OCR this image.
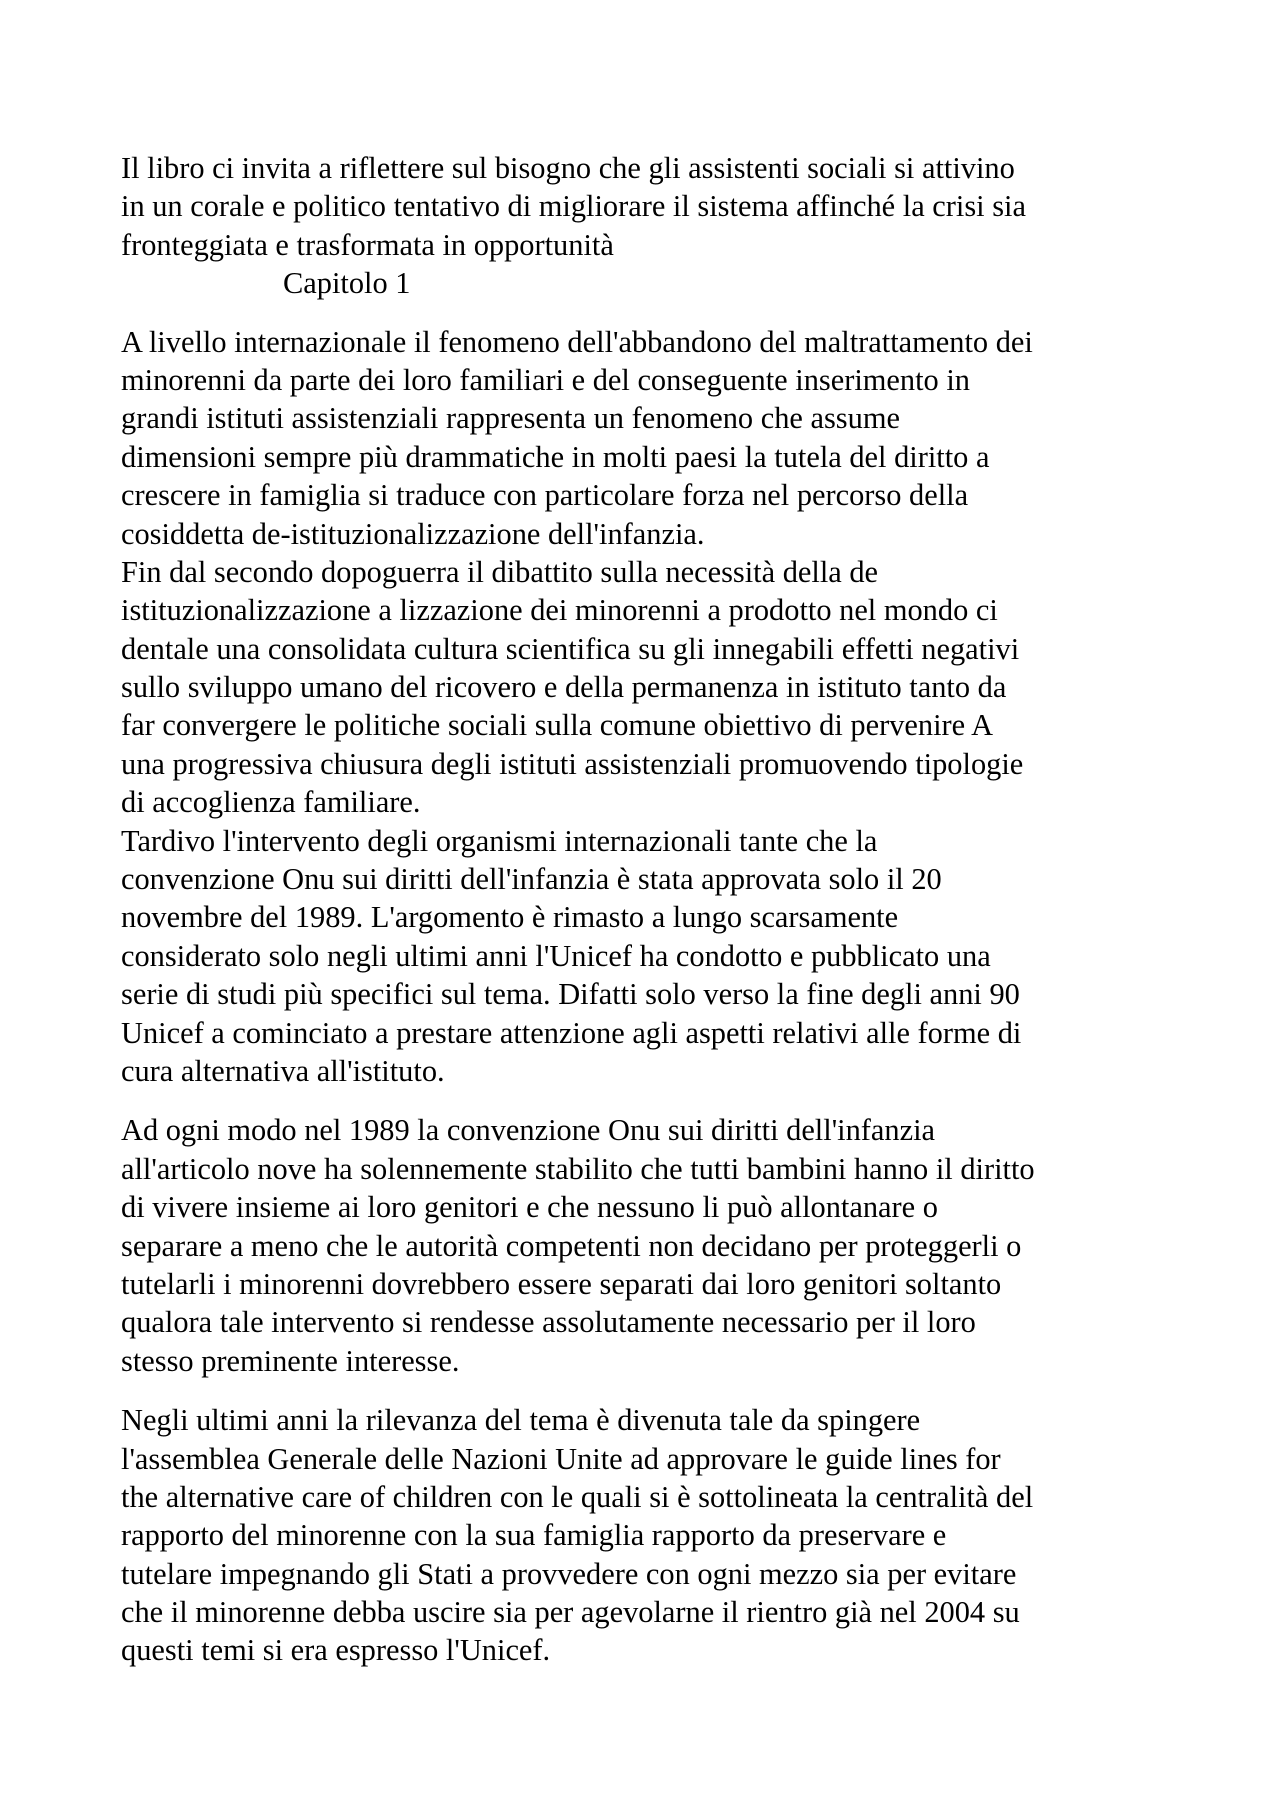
Il libro ci invita a riflettere sul bisogno che gli assistenti sociali si attivino
in un corale e politico tentativo di migliorare il sistema affinché la crisi sia
fronteggiata e trasformata in opportunità
Capitolo 1
A livello internazionale il fenomeno dell'abbandono del maltrattamento dei
minorenni da parte dei loro familiari e del conseguente inserimento in
grandi istituti assistenziali rappresenta un fenomeno che assume
dimensioni sempre più drammatiche in molti paesi la tutela del diritto a
crescere in famiglia si traduce con particolare forza nel percorso della
cosiddetta de-istituzionalizzazione dell'infanzia.
Fin dal secondo dopoguerra il dibattito sulla necessità della de
istituzionalizzazione a lizzazione dei minorenni a prodotto nel mondo ci
dentale una consolidata cultura scientifica su gli innegabili effetti negativi
sullo sviluppo umano del ricovero e della permanenza in istituto tanto da
far convergere le politiche sociali sulla comune obiettivo di pervenire A
una progressiva chiusura degli istituti assistenziali promuovendo tipologie
di accoglienza familiare.
Tardivo l'intervento degli organismi internazionali tante che la
convenzione Onu sui diritti dell'infanzia è stata approvata solo il 20
novembre del 1989. L'argomento è rimasto a lungo scarsamente
considerato solo negli ultimi anni l'Unicef ha condotto e pubblicato una
serie di studi più specifici sul tema. Difatti solo verso la fine degli anni 90
Unicef a cominciato a prestare attenzione agli aspetti relativi alle forme di
cura alternativa all'istituto.
Ad ogni modo nel 1989 la convenzione Onu sui diritti dell'infanzia
all'articolo nove ha solennemente stabilito che tutti bambini hanno il diritto
di vivere insieme ai loro genitori e che nessuno li può allontanare o
separare a meno che le autorità competenti non decidano per proteggerli o
tutelarli i minorenni dovrebbero essere separati dai loro genitori soltanto
qualora tale intervento si rendesse assolutamente necessario per il loro
stesso preminente interesse.
Negli ultimi anni la rilevanza del tema è divenuta tale da spingere
l'assemblea Generale delle Nazioni Unite ad approvare le guide lines for
the alternative care of children con le quali si è sottolineata la centralità del
rapporto del minorenne con la sua famiglia rapporto da preservare e
tutelare impegnando gli Stati a provvedere con ogni mezzo sia per evitare
che il minorenne debba uscire sia per agevolarne il rientro già nel 2004 su
questi temi si era espresso l'Unicef.
